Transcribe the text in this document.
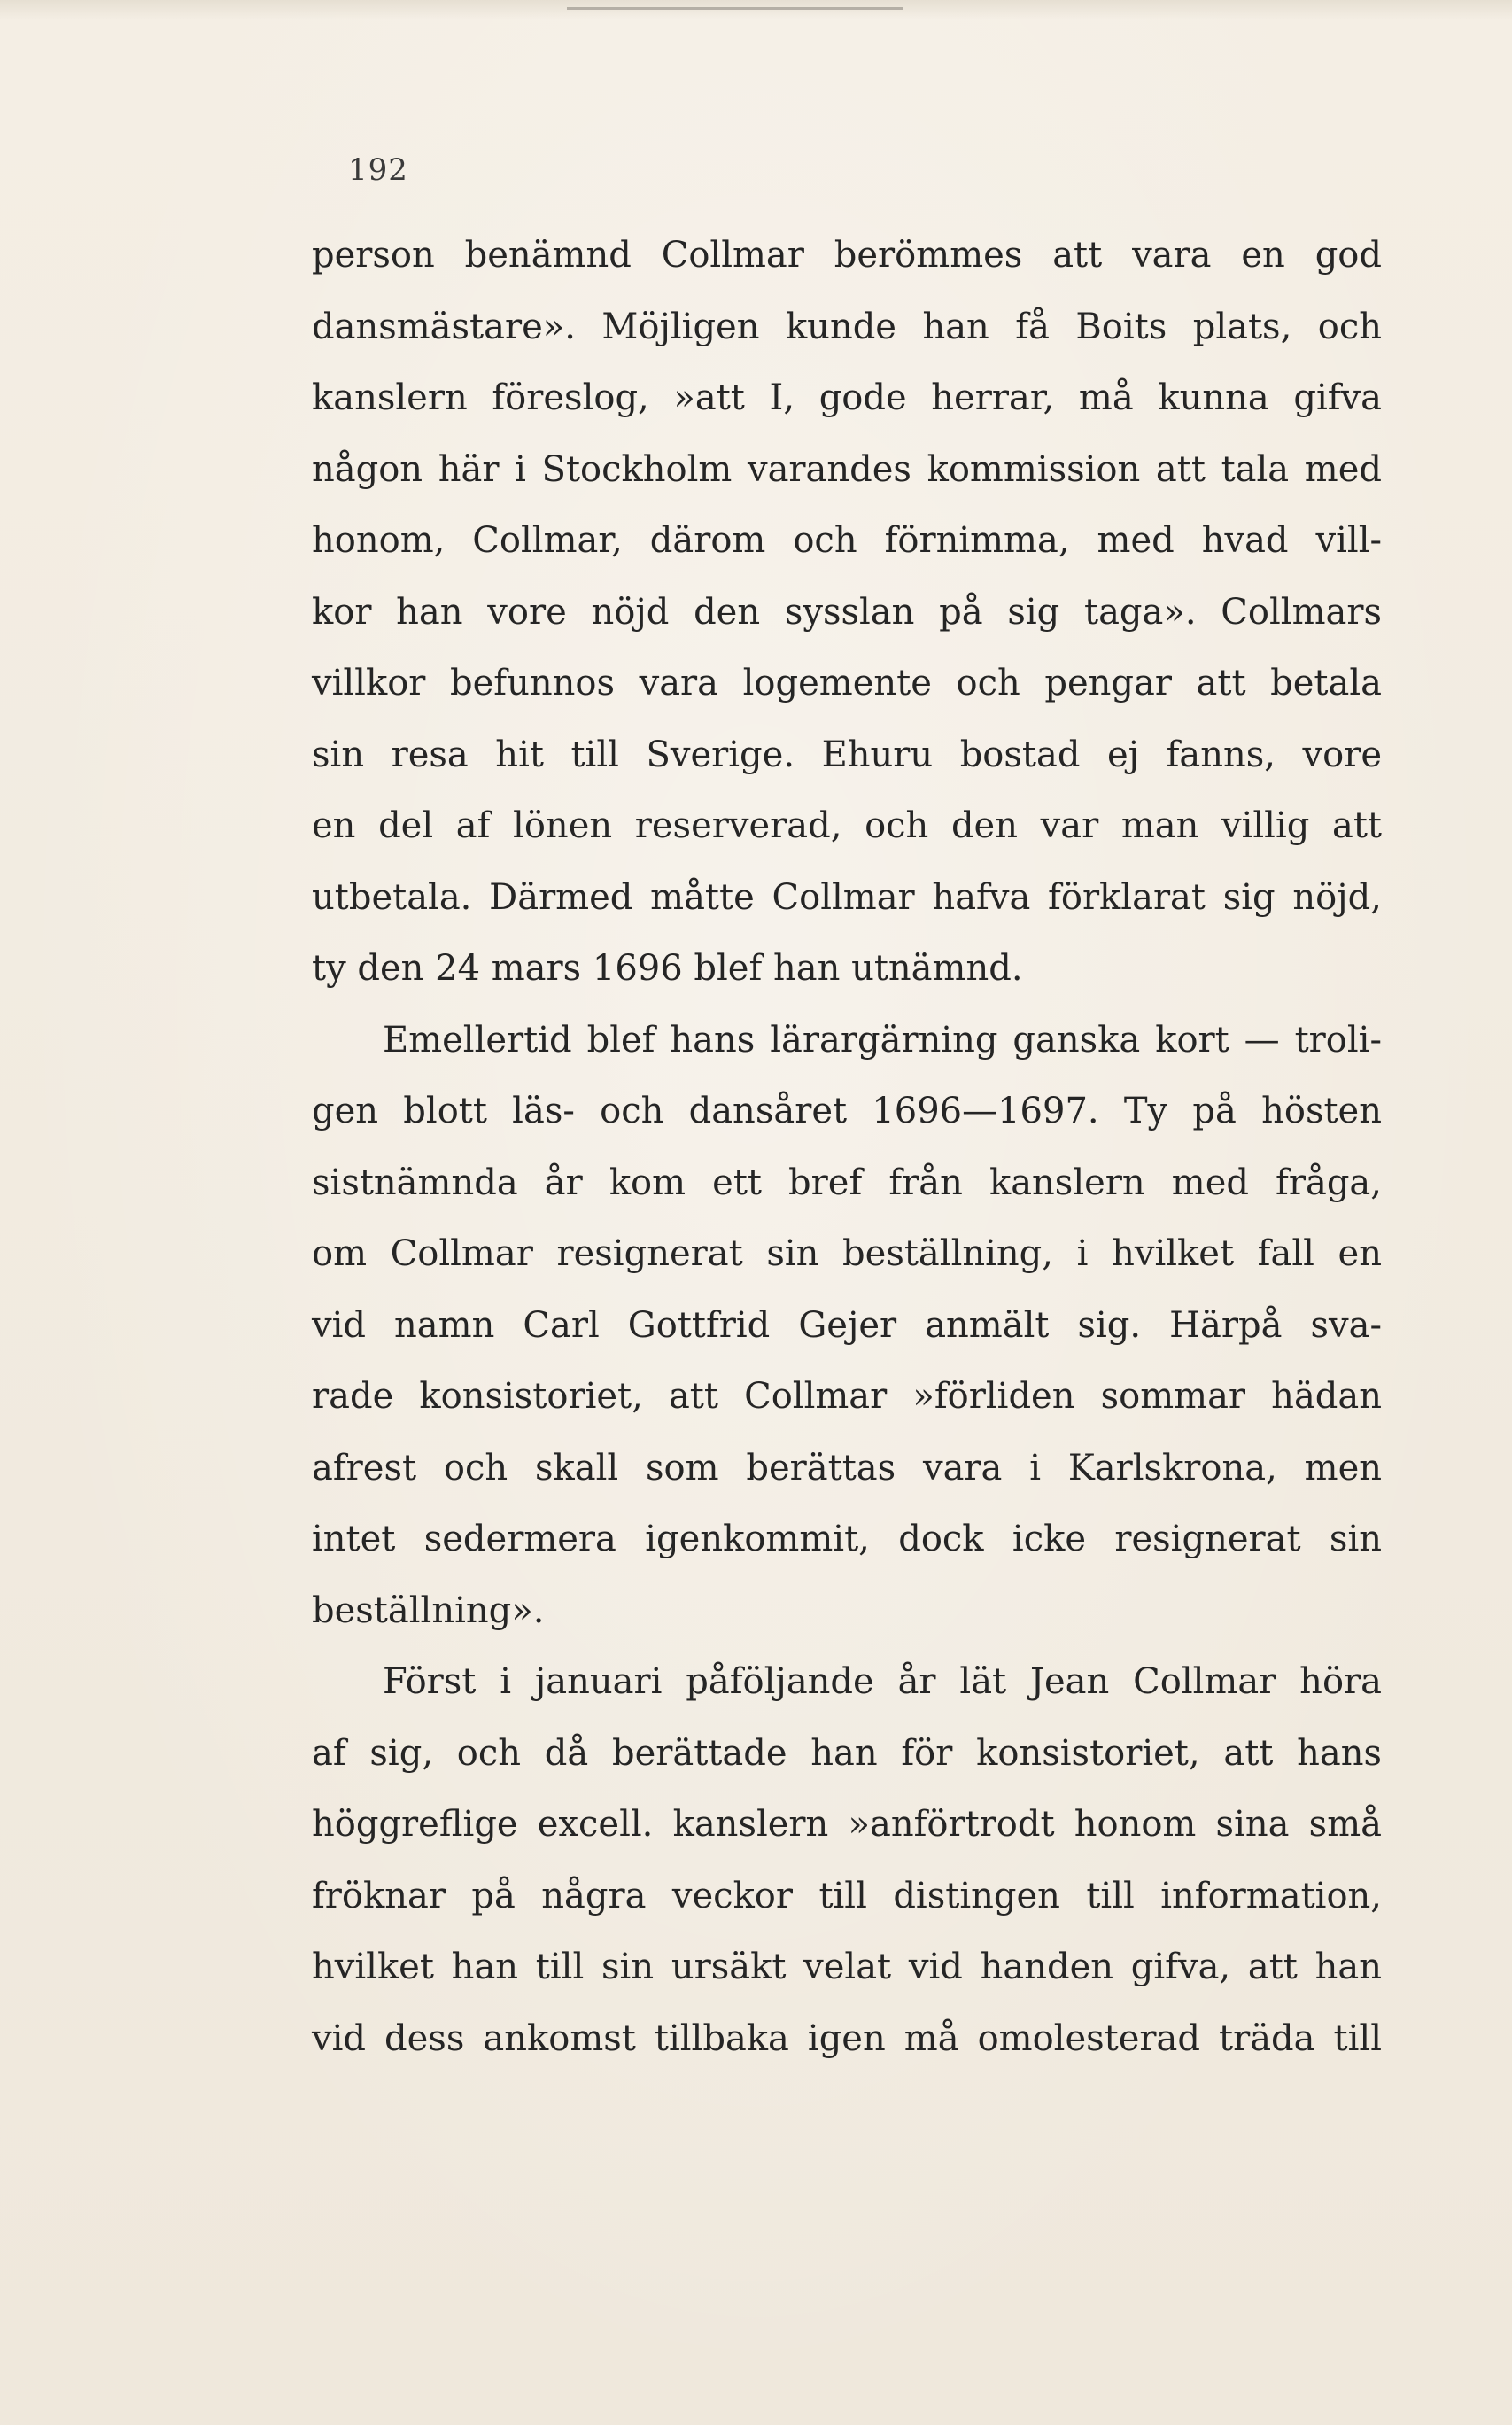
192
person benämnd Collmar berömmes att vara en god
dansmästare». Möjligen kunde han få Boits plats, och
kanslern föreslog, »att I, gode herrar, må kunna gifva
någon här i Stockholm varandes kommission att tala med
honom, Collmar, därom och förnimma, med hvad vill-
kor han vore nöjd den sysslan på sig taga». Collmars
villkor befunnos vara logemente och pengar att betala
sin resa hit till Sverige. Ehuru bostad ej fanns, vore
en del af lönen reserverad, och den var man villig att
utbetala. Därmed måtte Collmar hafva förklarat sig nöjd,
ty den 24 mars 1696 blef han utnämnd.
Emellertid blef hans lärargärning ganska kort — troli-
gen blott läs- och dansåret 1696—1697. Ty på hösten
sistnämnda år kom ett bref från kanslern med fråga,
om Collmar resignerat sin beställning, i hvilket fall en
vid namn Carl Gottfrid Gejer anmält sig. Härpå sva-
rade konsistoriet, att Collmar »förliden sommar hädan
afrest och skall som berättas vara i Karlskrona, men
intet sedermera igenkommit, dock icke resignerat sin
beställning».
Först i januari påföljande år lät Jean Collmar höra
af sig, och då berättade han för konsistoriet, att hans
höggrefligе excell. kanslern »anförtrodt honom sina små
fröknar på några veckor till distingen till information,
hvilket han till sin ursäkt velat vid handen gifva, att han
vid dess ankomst tillbaka igen må omolesterad träda till
